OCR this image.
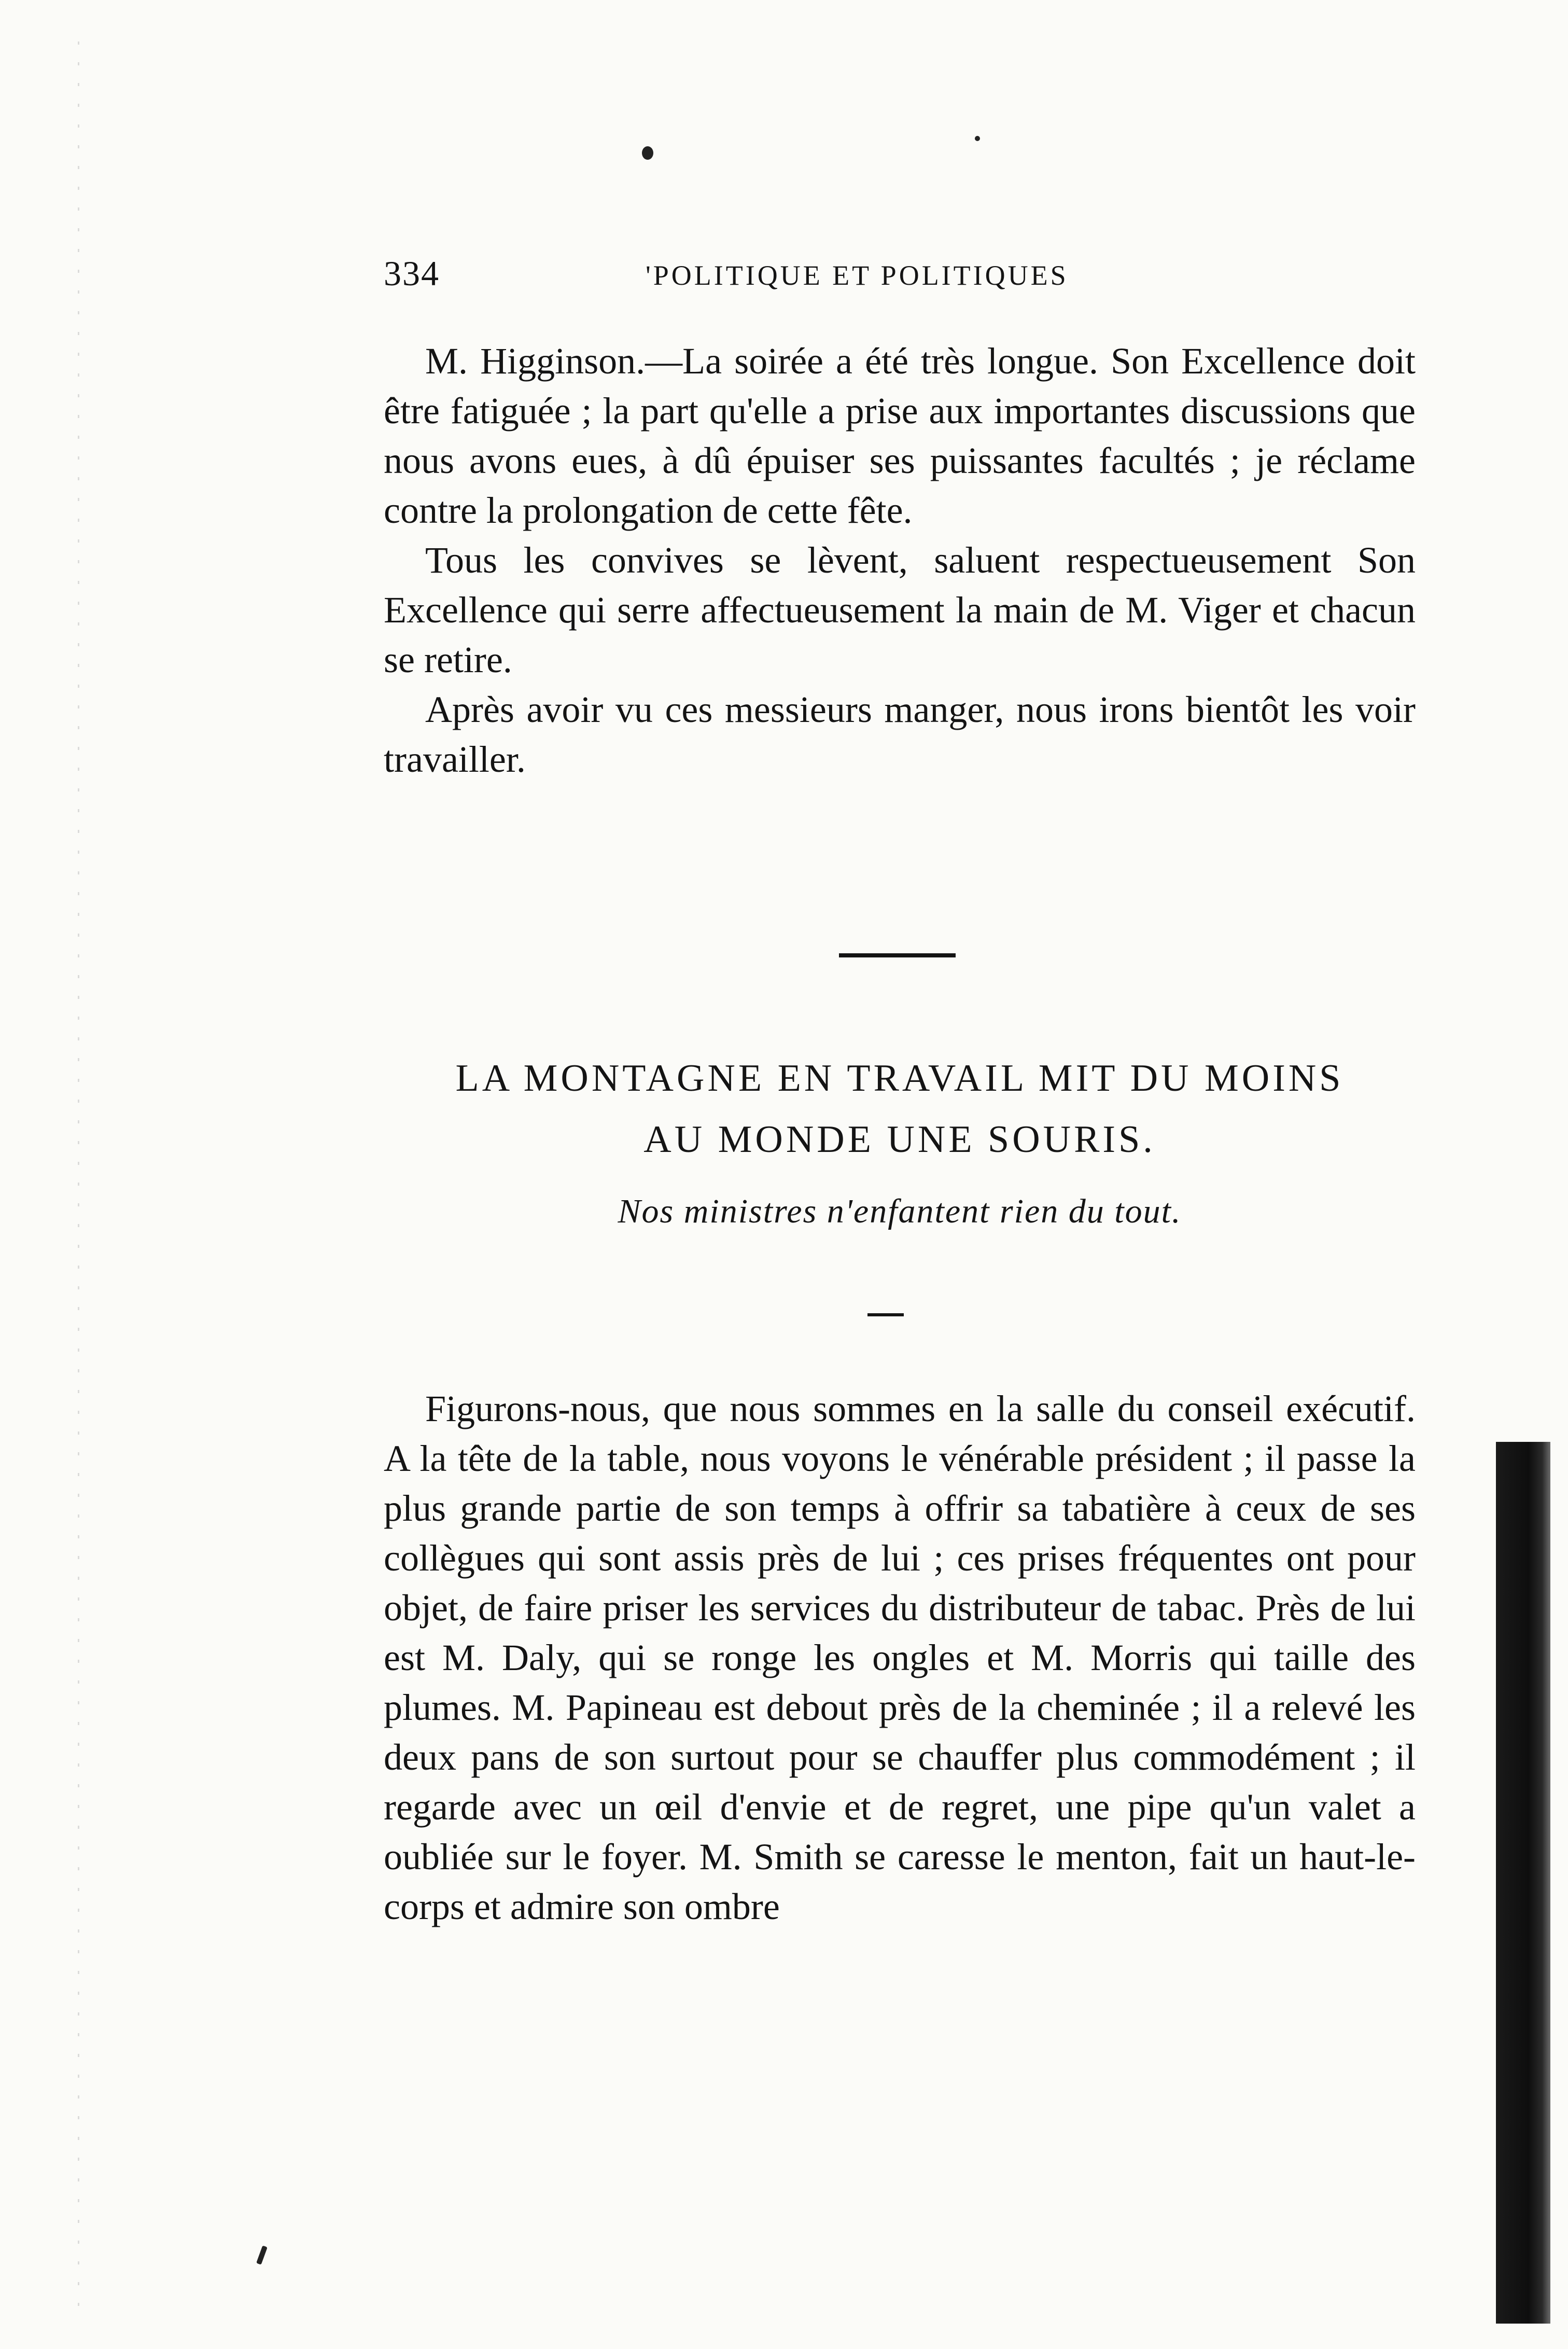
334	'POLITIQUE ET POLITIQUES

M. Higginson.—La soirée a été très longue. Son Excellence doit être fatiguée ; la part qu'elle a prise aux importantes discussions que nous avons eues, à dû épuiser ses puissantes facultés ; je réclame contre la prolongation de cette fête.

Tous les convives se lèvent, saluent respectueusement Son Excellence qui serre affectueusement la main de M. Viger et chacun se retire.

Après avoir vu ces messieurs manger, nous irons bientôt les voir travailler.

LA MONTAGNE EN TRAVAIL MIT DU MOINS
AU MONDE UNE SOURIS.
Nos ministres n'enfantent rien du tout.

Figurons-nous, que nous sommes en la salle du conseil exécutif. A la tête de la table, nous voyons le vénérable président ; il passe la plus grande partie de son temps à offrir sa tabatière à ceux de ses collègues qui sont assis près de lui ; ces prises fréquentes ont pour objet, de faire priser les services du distributeur de tabac. Près de lui est M. Daly, qui se ronge les ongles et M. Morris qui taille des plumes. M. Papineau est debout près de la cheminée ; il a relevé les deux pans de son surtout pour se chauffer plus commodément ; il regarde avec un œil d'envie et de regret, une pipe qu'un valet a oubliée sur le foyer. M. Smith se caresse le menton, fait un haut-le-corps et admire son ombre
